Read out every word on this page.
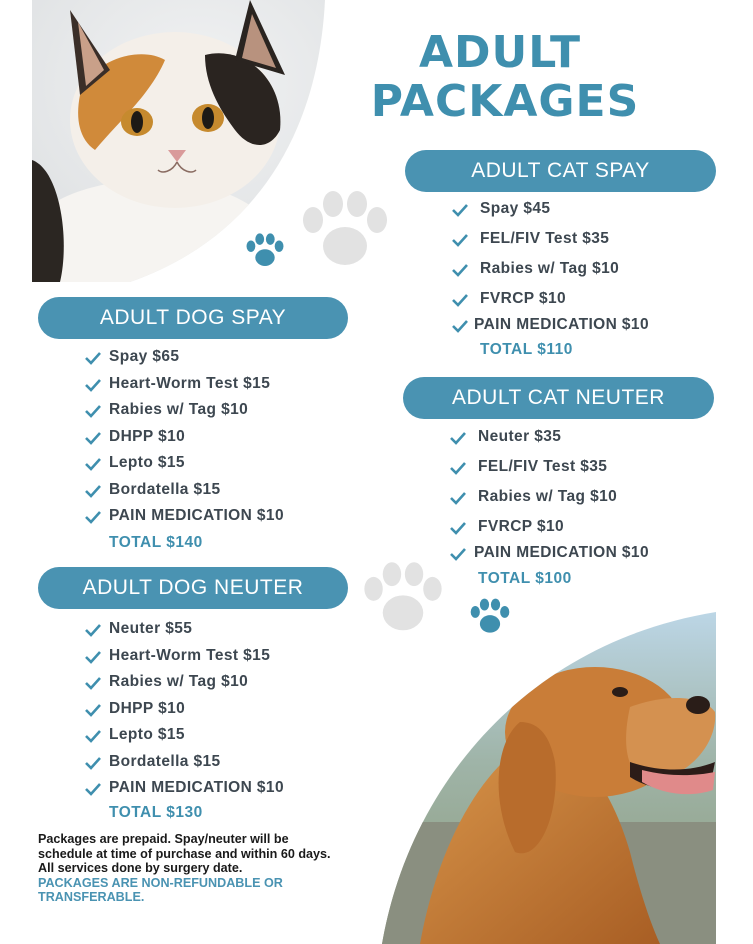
ADULT
PACKAGES
ADULT CAT SPAY
Spay $45
FEL/FIV Test $35
Rabies w/ Tag $10
FVRCP $10
PAIN MEDICATION $10
TOTAL $110
ADULT DOG SPAY
Spay $65
Heart-Worm Test $15
Rabies w/ Tag $10
DHPP $10
Lepto $15
Bordatella $15
PAIN MEDICATION $10
TOTAL $140
ADULT CAT NEUTER
Neuter $35
FEL/FIV Test $35
Rabies w/ Tag $10
FVRCP $10
PAIN MEDICATION $10
TOTAL $100
ADULT DOG NEUTER
Neuter $55
Heart-Worm Test $15
Rabies w/ Tag $10
DHPP $10
Lepto $15
Bordatella $15
PAIN MEDICATION $10
TOTAL $130
Packages are prepaid. Spay/neuter will be
schedule at time of purchase and within 60 days.
All services done by surgery date.
PACKAGES ARE NON-REFUNDABLE OR
TRANSFERABLE.
